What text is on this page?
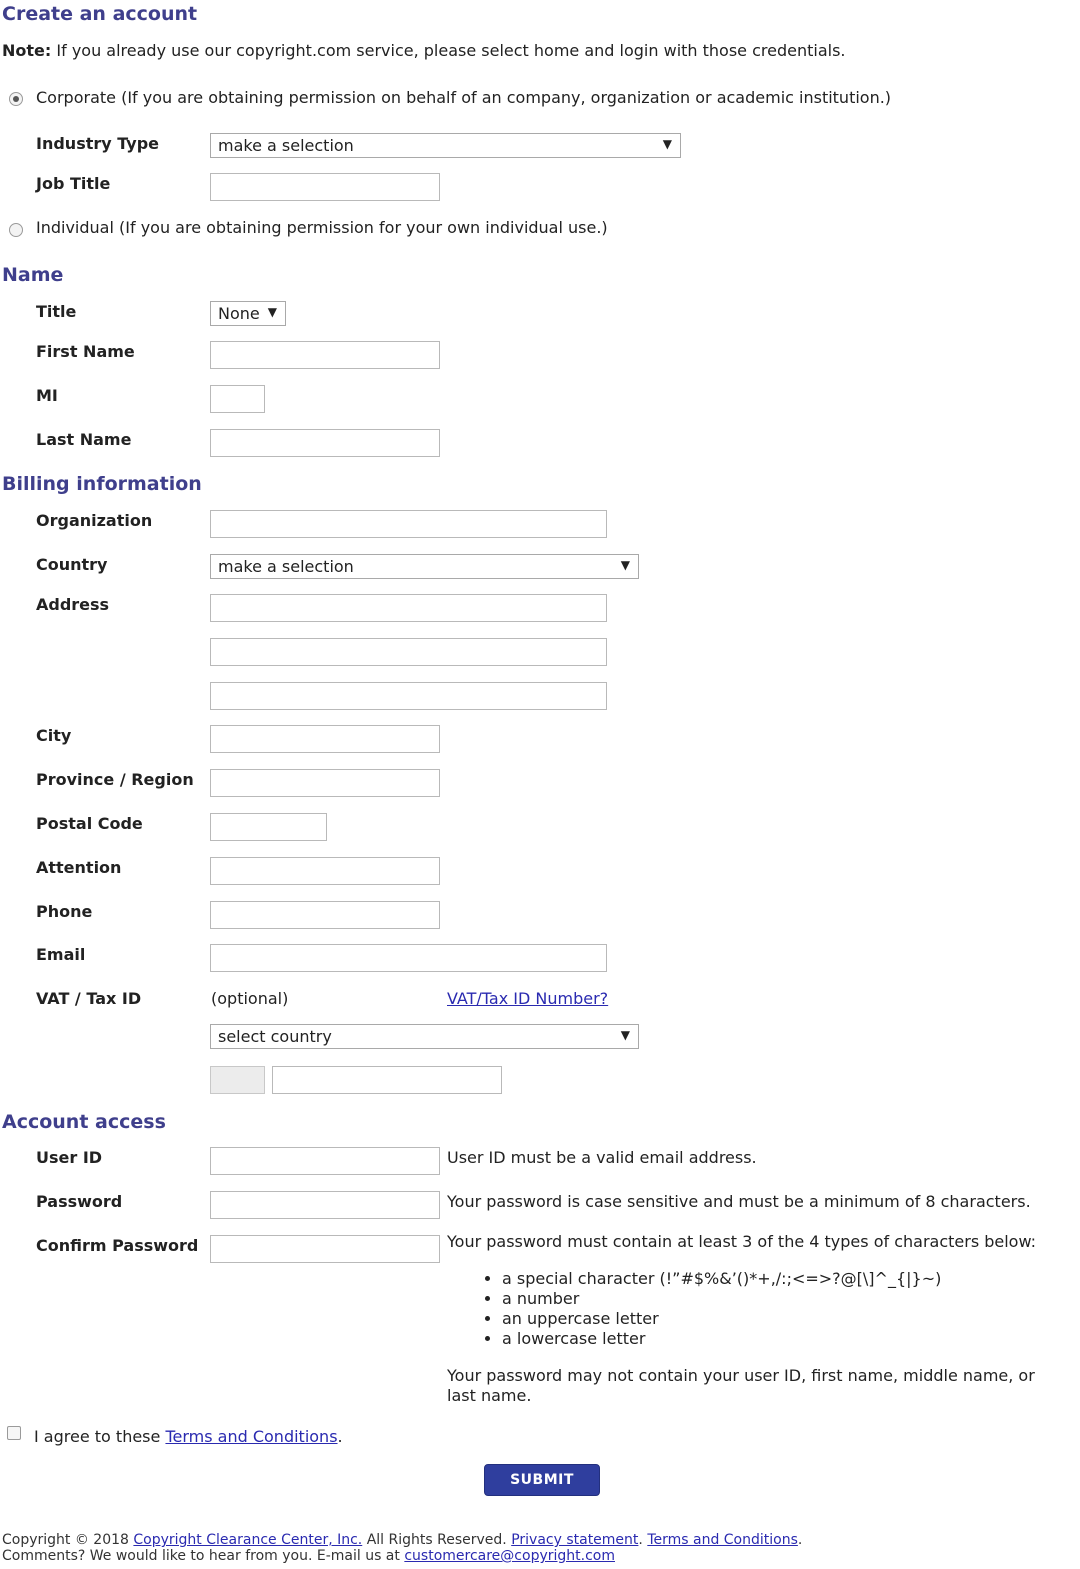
Create an account
Note: If you already use our copyright.com service, please select home and login with those credentials.
Corporate (If you are obtaining permission on behalf of an company, organization or academic institution.)
Industry Type	make a selection	▼
Job Title
Individual (If you are obtaining permission for your own individual use.)
Name
Title	None ▼
First Name
MI
Last Name
Billing information
Organization
Country	make a selection	▼
Address
City
Province / Region
Postal Code
Attention
Phone
Email
VAT / Tax ID	(optional)	VAT/Tax ID Number?
select country	▼
Account access
User ID	User ID must be a valid email address.
Password	Your password is case sensitive and must be a minimum of 8 characters.
Confirm Password	Your password must contain at least 3 of the 4 types of characters below:
• a special character (!”#$%&’()*+,/:;<=>?@[\]^_{|}~)
• a number
• an uppercase letter
• a lowercase letter
Your password may not contain your user ID, first name, middle name, or
last name.
I agree to these Terms and Conditions.
SUBMIT
Copyright © 2018 Copyright Clearance Center, Inc. All Rights Reserved. Privacy statement. Terms and Conditions.
Comments? We would like to hear from you. E-mail us at customercare@copyright.com
